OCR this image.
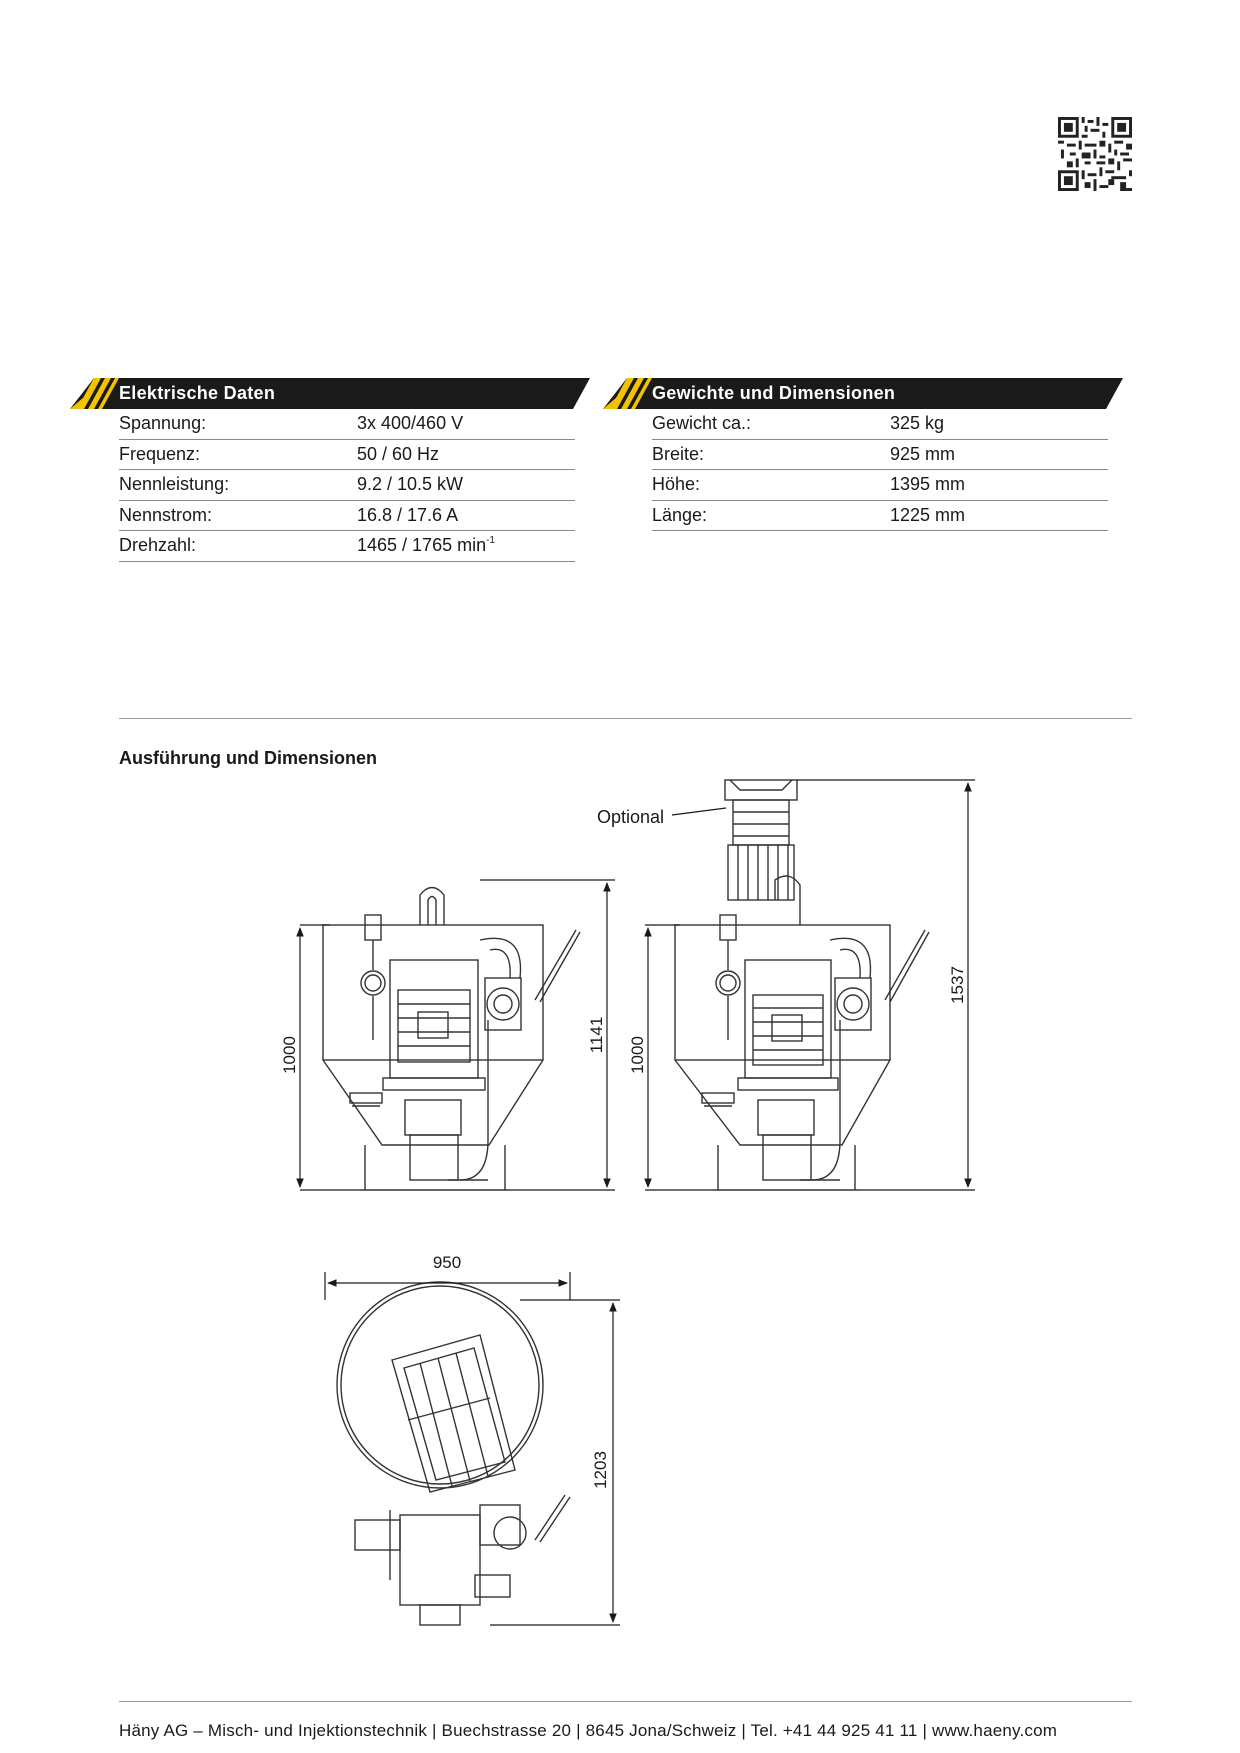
Elektrische Daten
Spannung:	3x 400/460 V
Frequenz:	50 / 60 Hz
Nennleistung:	9.2 / 10.5 kW
Nennstrom:	16.8 / 17.6 A
Drehzahl:	1465 / 1765 $\min^{-1}$
Gewichte und Dimensionen
Gewicht ca.:	325 kg
Breite:	925 mm
Höhe:	1395 mm
Länge:	1225 mm
Ausführung und Dimensionen
1000
1141
Optional
1000
1537
950
1203
Häny AG – Misch- und Injektionstechnik | Buechstrasse 20 | 8645 Jona/Schweiz | Tel. +41 44 925 41 11 | www.haeny.com
